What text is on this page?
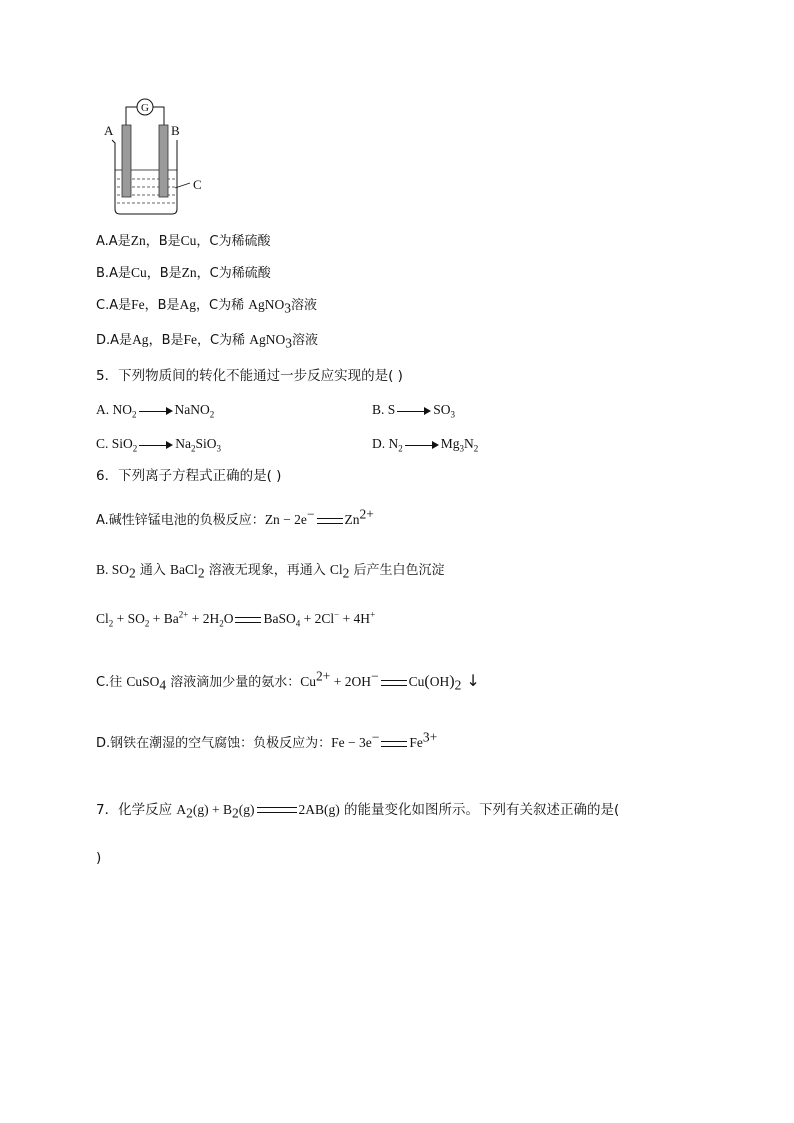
G
A	B
C
A.A是Zn，B是Cu，C为稀硫酸
B.A是Cu，B是Zn，C为稀硫酸
C.A是Fe，B是Ag，C为稀 AgNO$_3$溶液
D.A是Ag，B是Fe，C为稀 AgNO$_3$溶液
5．下列物质间的转化不能通过一步反应实现的是( )
A. $NO_2$	NaNO$_2$	B. S	$SO_3$
C. SiO$_2$	$Na_2SiO_3$	D. $N_2$	$Mg_3N_2$
6．下列离子方程式正确的是( )
A.碱性锌锰电池的负极反应：Zn − 2e− $Zn^{2+}$
B. $SO_2$ 通入 BaCl$_2$ 溶液无现象，再通入 $Cl_2$ 后产生白色沉淀
$Cl_2 + SO_2 + Ba^{2+} + 2H_2O$ BaSO$_4$ + 2Cl− + 4H+
C.往 CuSO$_4$ 溶液滴加少量的氨水：$Cu^{2+} + 2OH^-$ $Cu(OH)_2$ ↓
D.钢铁在潮湿的空气腐蚀：负极反应为：Fe − 3e− $Fe^{3+}$
7．化学反应 $A_2(g) + B_2(g)$	2AB(g) 的能量变化如图所示。下列有关叙述正确的是(
)
